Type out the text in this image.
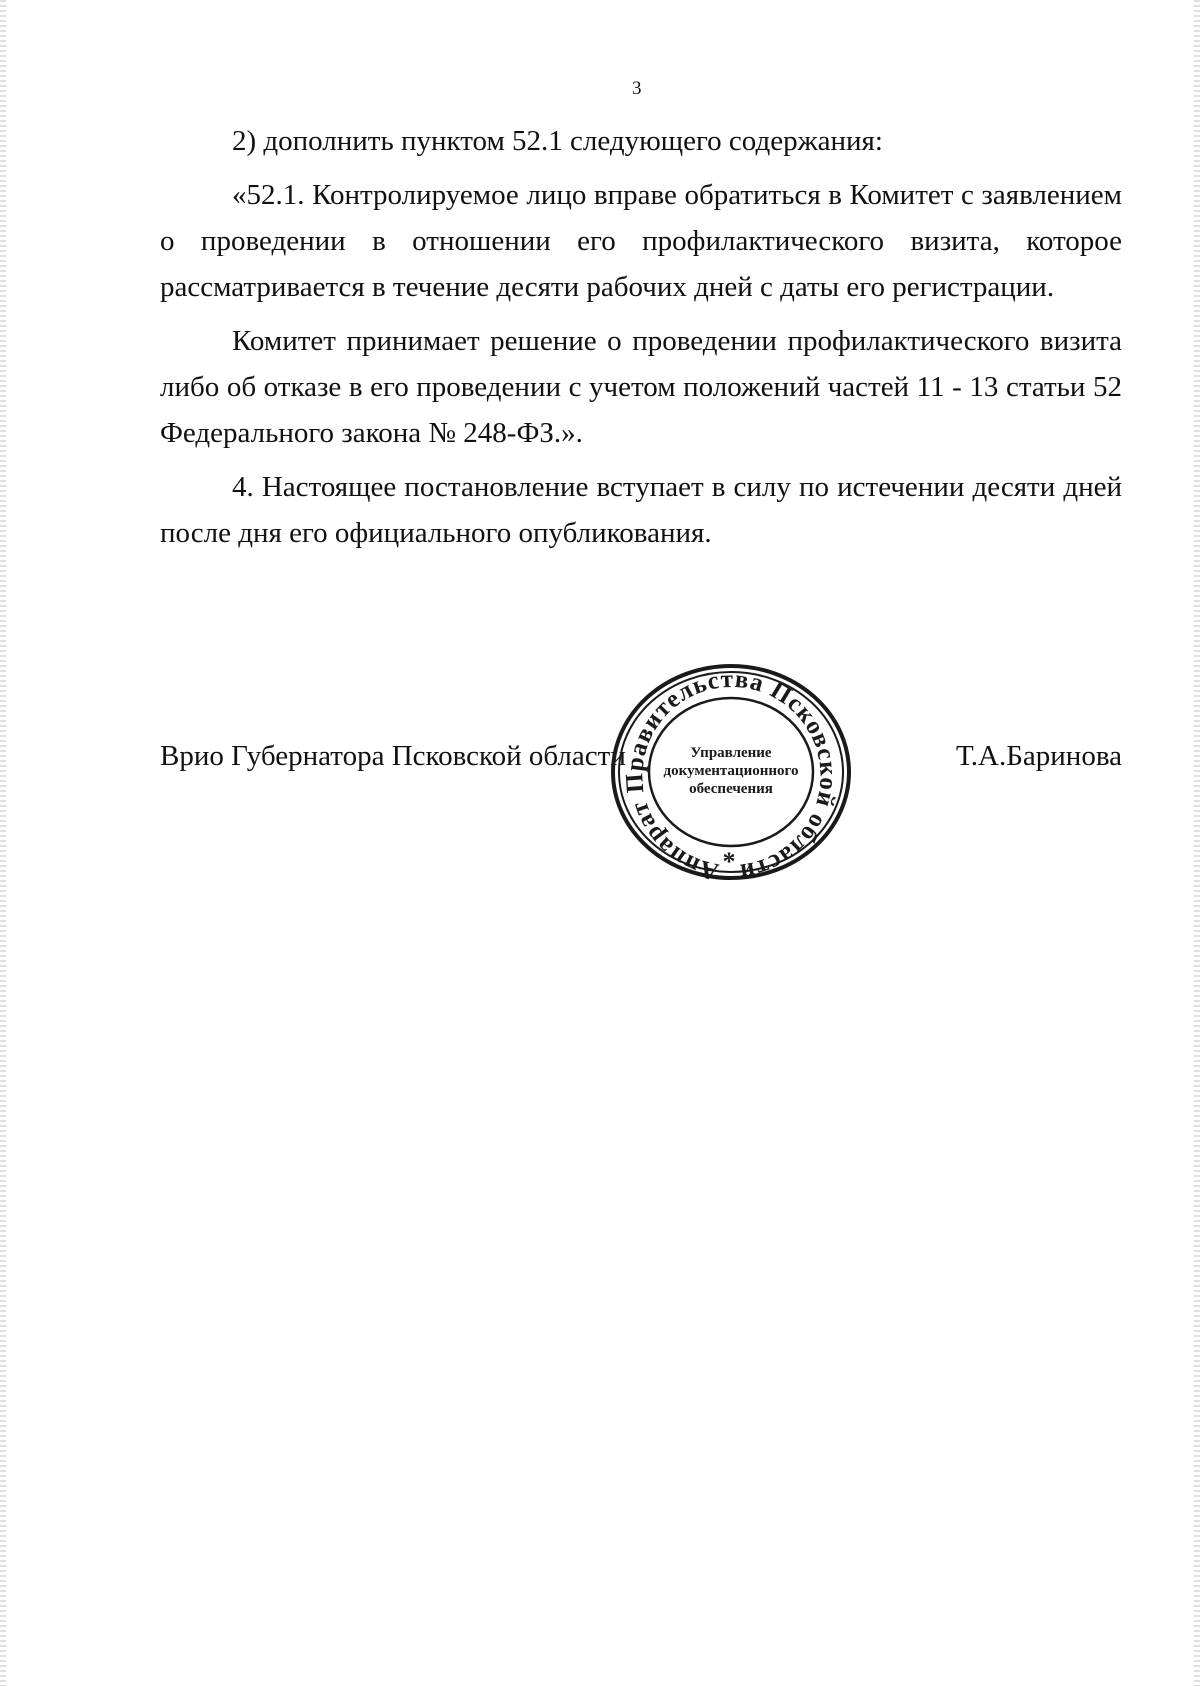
3

2) дополнить пунктом 52.1 следующего содержания:

«52.1. Контролируемое лицо вправе обратиться в Комитет с заявлением о проведении в отношении его профилактического визита, которое рассматривается в течение десяти рабочих дней с даты его регистрации.

Комитет принимает решение о проведении профилактического визита либо об отказе в его проведении с учетом положений частей 11 - 13 статьи 52 Федерального закона № 248-ФЗ.».

4. Настоящее постановление вступает в силу по истечении десяти дней после дня его официального опубликования.

Врио Губернатора Псковской области	Т.А.Баринова
Аппарат Правительства Псковской области
Управление
документационного
обеспечения
*
